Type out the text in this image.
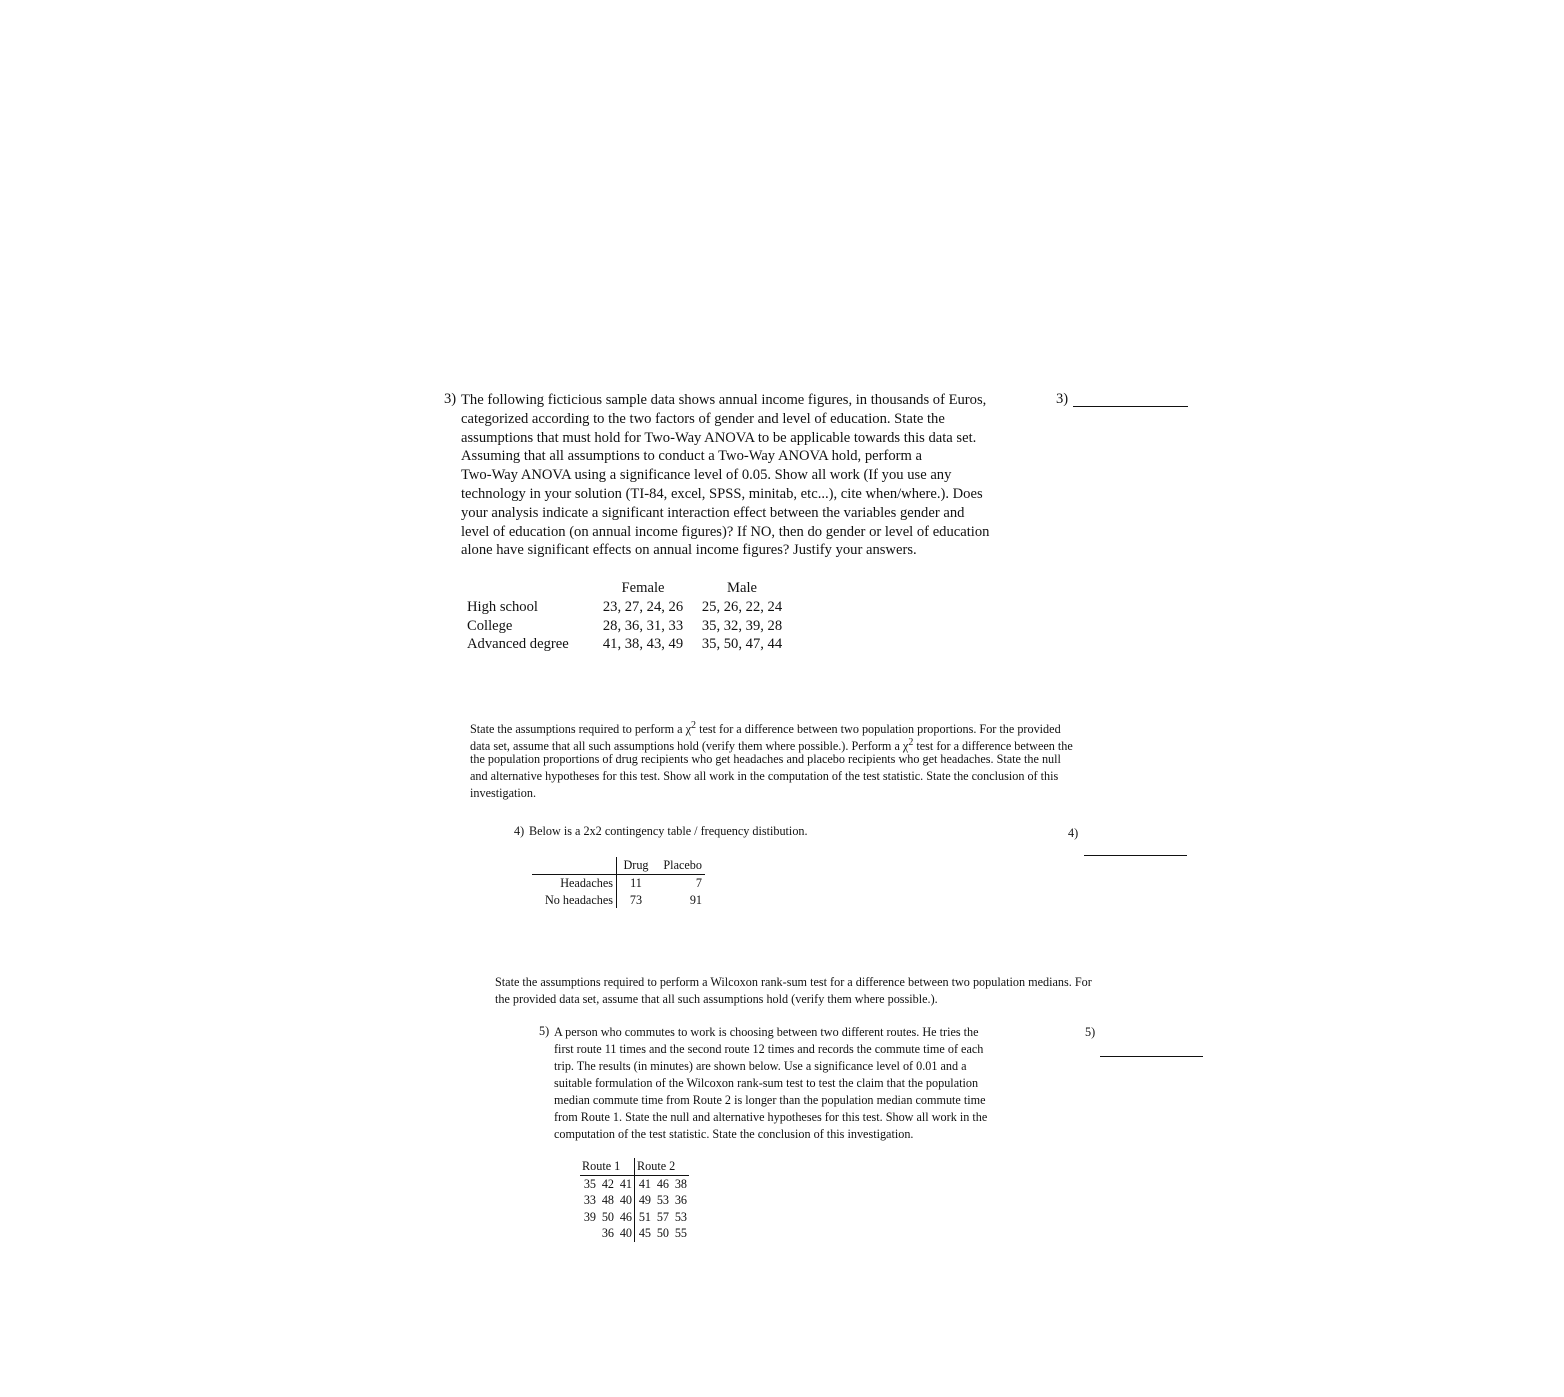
3) The following ficticious sample data shows annual income figures, in thousands of Euros,
categorized according to the two factors of gender and level of education. State the
assumptions that must hold for Two-Way ANOVA to be applicable towards this data set.
Assuming that all assumptions to conduct a Two-Way ANOVA hold, perform a
Two-Way ANOVA using a significance level of 0.05. Show all work (If you use any
technology in your solution (TI-84, excel, SPSS, minitab, etc...), cite when/where.). Does
your analysis indicate a significant interaction effect between the variables gender and
level of education (on annual income figures)? If NO, then do gender or level of education
alone have significant effects on annual income figures? Justify your answers.
3)
	Female	Male
High school	23, 27, 24, 26	25, 26, 22, 24
College	28, 36, 31, 33	35, 32, 39, 28
Advanced degree	41, 38, 43, 49	35, 50, 47, 44
State the assumptions required to perform a $\chi^2$ test for a difference between two population proportions. For the provided
data set, assume that all such assumptions hold (verify them where possible.). Perform a $\chi^2$ test for a difference between the
the population proportions of drug recipients who get headaches and placebo recipients who get headaches. State the null
and alternative hypotheses for this test. Show all work in the computation of the test statistic. State the conclusion of this
investigation.
4) Below is a 2x2 contingency table / frequency distibution.	4)
	Drug	Placebo
Headaches	11	7
No headaches	73	91
State the assumptions required to perform a Wilcoxon rank-sum test for a difference between two population medians. For
the provided data set, assume that all such assumptions hold (verify them where possible.).
5) A person who commutes to work is choosing between two different routes. He tries the
first route 11 times and the second route 12 times and records the commute time of each
trip. The results (in minutes) are shown below. Use a significance level of 0.01 and a
suitable formulation of the Wilcoxon rank-sum test to test the claim that the population
median commute time from Route 2 is longer than the population median commute time
from Route 1. State the null and alternative hypotheses for this test. Show all work in the
computation of the test statistic. State the conclusion of this investigation.
5)
Route 1			Route 2		
35	42	41	41	46	38
33	48	40	49	53	36
39	50	46	51	57	53
	36	40	45	50	55
